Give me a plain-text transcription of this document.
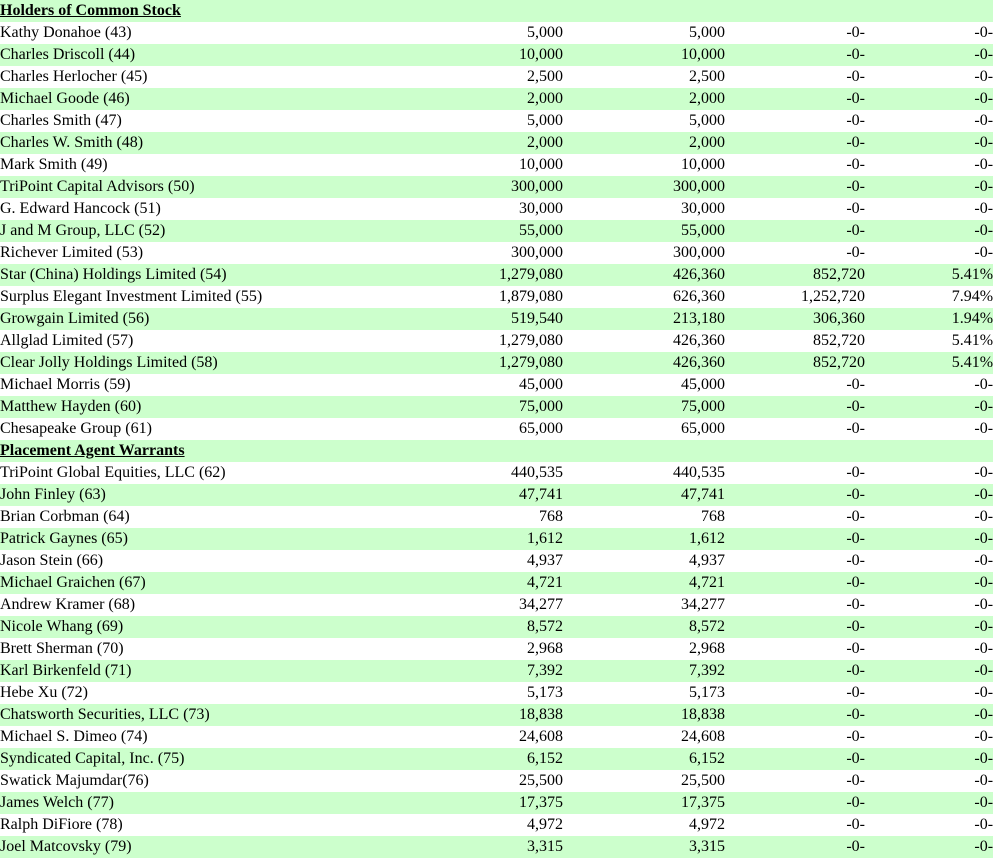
Holders of Common Stock				
Kathy Donahoe (43)	5,000	5,000	-0-	-0-
Charles Driscoll (44)	10,000	10,000	-0-	-0-
Charles Herlocher (45)	2,500	2,500	-0-	-0-
Michael Goode (46)	2,000	2,000	-0-	-0-
Charles Smith (47)	5,000	5,000	-0-	-0-
Charles W. Smith (48)	2,000	2,000	-0-	-0-
Mark Smith (49)	10,000	10,000	-0-	-0-
TriPoint Capital Advisors (50)	300,000	300,000	-0-	-0-
G. Edward Hancock (51)	30,000	30,000	-0-	-0-
J and M Group, LLC (52)	55,000	55,000	-0-	-0-
Richever Limited (53)	300,000	300,000	-0-	-0-
Star (China) Holdings Limited (54)	1,279,080	426,360	852,720	5.41%
Surplus Elegant Investment Limited (55)	1,879,080	626,360	1,252,720	7.94%
Growgain Limited (56)	519,540	213,180	306,360	1.94%
Allglad Limited (57)	1,279,080	426,360	852,720	5.41%
Clear Jolly Holdings Limited (58)	1,279,080	426,360	852,720	5.41%
Michael Morris (59)	45,000	45,000	-0-	-0-
Matthew Hayden (60)	75,000	75,000	-0-	-0-
Chesapeake Group (61)	65,000	65,000	-0-	-0-
Placement Agent Warrants				
TriPoint Global Equities, LLC (62)	440,535	440,535	-0-	-0-
John Finley (63)	47,741	47,741	-0-	-0-
Brian Corbman (64)	768	768	-0-	-0-
Patrick Gaynes (65)	1,612	1,612	-0-	-0-
Jason Stein (66)	4,937	4,937	-0-	-0-
Michael Graichen (67)	4,721	4,721	-0-	-0-
Andrew Kramer (68)	34,277	34,277	-0-	-0-
Nicole Whang (69)	8,572	8,572	-0-	-0-
Brett Sherman (70)	2,968	2,968	-0-	-0-
Karl Birkenfeld (71)	7,392	7,392	-0-	-0-
Hebe Xu (72)	5,173	5,173	-0-	-0-
Chatsworth Securities, LLC (73)	18,838	18,838	-0-	-0-
Michael S. Dimeo (74)	24,608	24,608	-0-	-0-
Syndicated Capital, Inc. (75)	6,152	6,152	-0-	-0-
Swatick Majumdar(76)	25,500	25,500	-0-	-0-
James Welch (77)	17,375	17,375	-0-	-0-
Ralph DiFiore (78)	4,972	4,972	-0-	-0-
Joel Matcovsky (79)	3,315	3,315	-0-	-0-
